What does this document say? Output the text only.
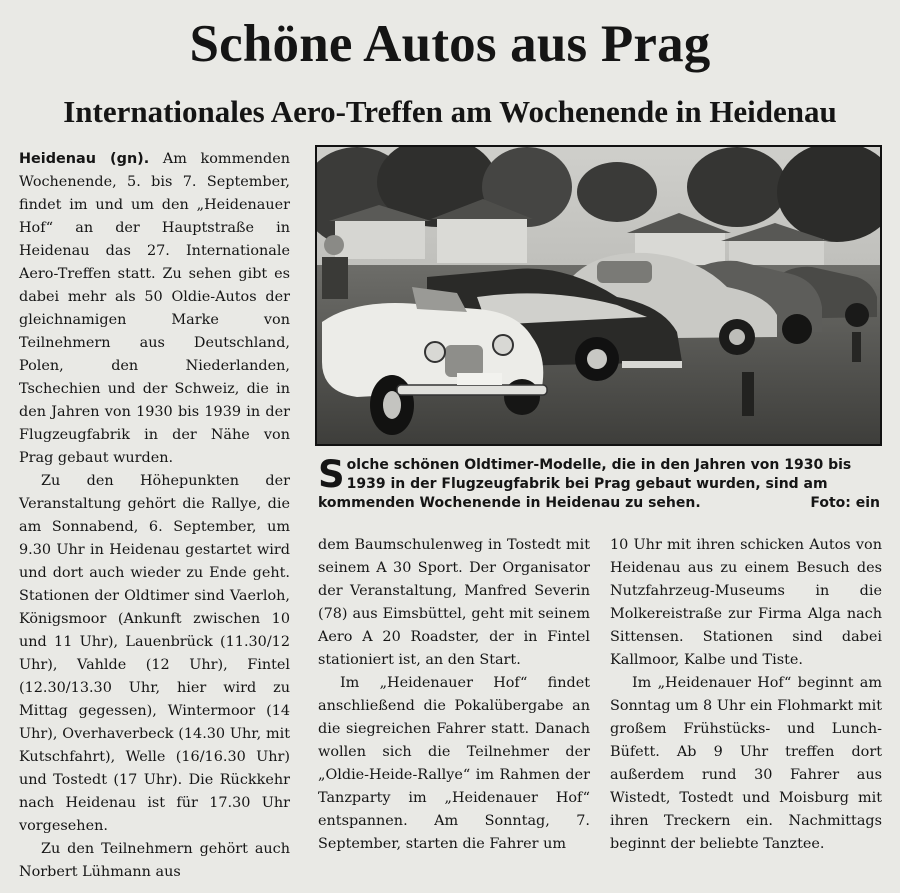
Schöne Autos aus Prag
Internationales Aero-Treffen am Wochenende in Heidenau

Heidenau (gn). Am kommenden Wochenende, 5. bis 7. September, findet im und um den „Heidenauer Hof“ an der Hauptstraße in Heidenau das 27. Internationale Aero-Treffen statt. Zu sehen gibt es dabei mehr als 50 Oldie-Autos der gleichnamigen Marke von Teilnehmern aus Deutschland, Polen, den Niederlanden, Tschechien und der Schweiz, die in den Jahren von 1930 bis 1939 in der Flugzeugfabrik in der Nähe von Prag gebaut wurden.

Zu den Höhepunkten der Veranstaltung gehört die Rallye, die am Sonnabend, 6. September, um 9.30 Uhr in Heidenau gestartet wird und dort auch wieder zu Ende geht. Stationen der Oldtimer sind Vaerloh, Königsmoor (Ankunft zwischen 10 und 11 Uhr), Lauenbrück (11.30/12 Uhr), Vahlde (12 Uhr), Fintel (12.30/13.30 Uhr, hier wird zu Mittag gegessen), Wintermoor (14 Uhr), Overhaverbeck (14.30 Uhr, mit Kutschfahrt), Welle (16/16.30 Uhr) und Tostedt (17 Uhr). Die Rückkehr nach Heidenau ist für 17.30 Uhr vorgesehen.

Zu den Teilnehmern gehört auch Norbert Lühmann aus

Solche schönen Oldtimer-Modelle, die in den Jahren von 1930 bis 1939 in der Flugzeugfabrik bei Prag gebaut wurden, sind am kommenden Wochenende in Heidenau zu sehen.	Foto: ein

dem Baumschulenweg in Tostedt mit seinem A 30 Sport. Der Organisator der Veranstaltung, Manfred Severin (78) aus Eimsbüttel, geht mit seinem Aero A 20 Roadster, der in Fintel stationiert ist, an den Start.

Im „Heidenauer Hof“ findet anschließend die Pokalübergabe an die siegreichen Fahrer statt. Danach wollen sich die Teilnehmer der „Oldie-Heide-Rallye“ im Rahmen der Tanzparty im „Heidenauer Hof“ entspannen. Am Sonntag, 7. September, starten die Fahrer um

10 Uhr mit ihren schicken Autos von Heidenau aus zu einem Besuch des Nutzfahrzeug-Museums in die Molkereistraße zur Firma Alga nach Sittensen. Stationen sind dabei Kallmoor, Kalbe und Tiste.

Im „Heidenauer Hof“ beginnt am Sonntag um 8 Uhr ein Flohmarkt mit großem Frühstücks- und Lunch-Büfett. Ab 9 Uhr treffen dort außerdem rund 30 Fahrer aus Wistedt, Tostedt und Moisburg mit ihren Treckern ein. Nachmittags beginnt der beliebte Tanztee.
